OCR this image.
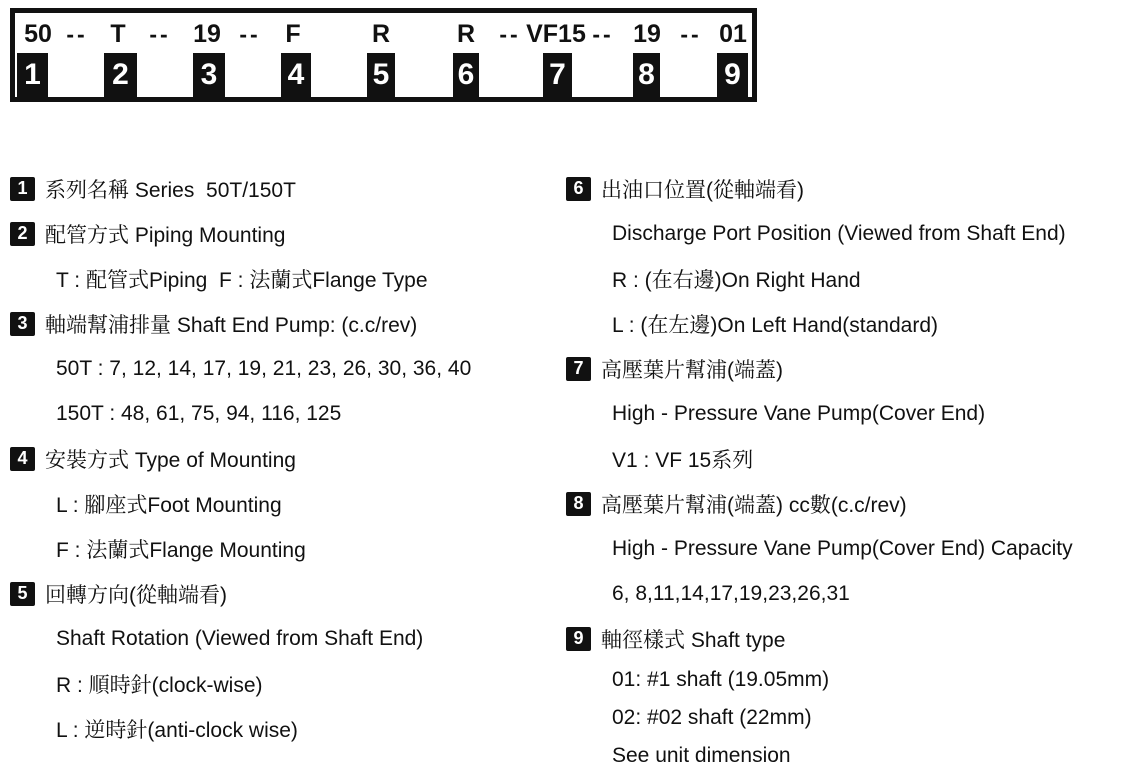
50 -- T	-- 19 -- F	R	R	-- VF15 -- 19 -- 01
1 2 3 4 5 6 7 8 9
1 系列名稱 Series  50T/150T
2 配管方式 Piping Mounting
T : 配管式Piping  F : 法蘭式Flange Type
3 軸端幫浦排量 Shaft End Pump: (c.c/rev)
50T : 7, 12, 14, 17, 19, 21, 23, 26, 30, 36, 40
150T : 48, 61, 75, 94, 116, 125
4 安裝方式 Type of Mounting
L : 腳座式Foot Mounting
F : 法蘭式Flange Mounting
5 回轉方向(從軸端看)
Shaft Rotation (Viewed from Shaft End)
R : 順時針(clock-wise)
L : 逆時針(anti-clock wise)
6 出油口位置(從軸端看)
Discharge Port Position (Viewed from Shaft End)
R : (在右邊)On Right Hand
L : (在左邊)On Left Hand(standard)
7 高壓葉片幫浦(端蓋)
High - Pressure Vane Pump(Cover End)
V1 : VF 15系列
8 高壓葉片幫浦(端蓋) cc數(c.c/rev)
High - Pressure Vane Pump(Cover End) Capacity
6, 8,11,14,17,19,23,26,31
9 軸徑樣式 Shaft type
01: #1 shaft (19.05mm)
02: #02 shaft (22mm)
See unit dimension
